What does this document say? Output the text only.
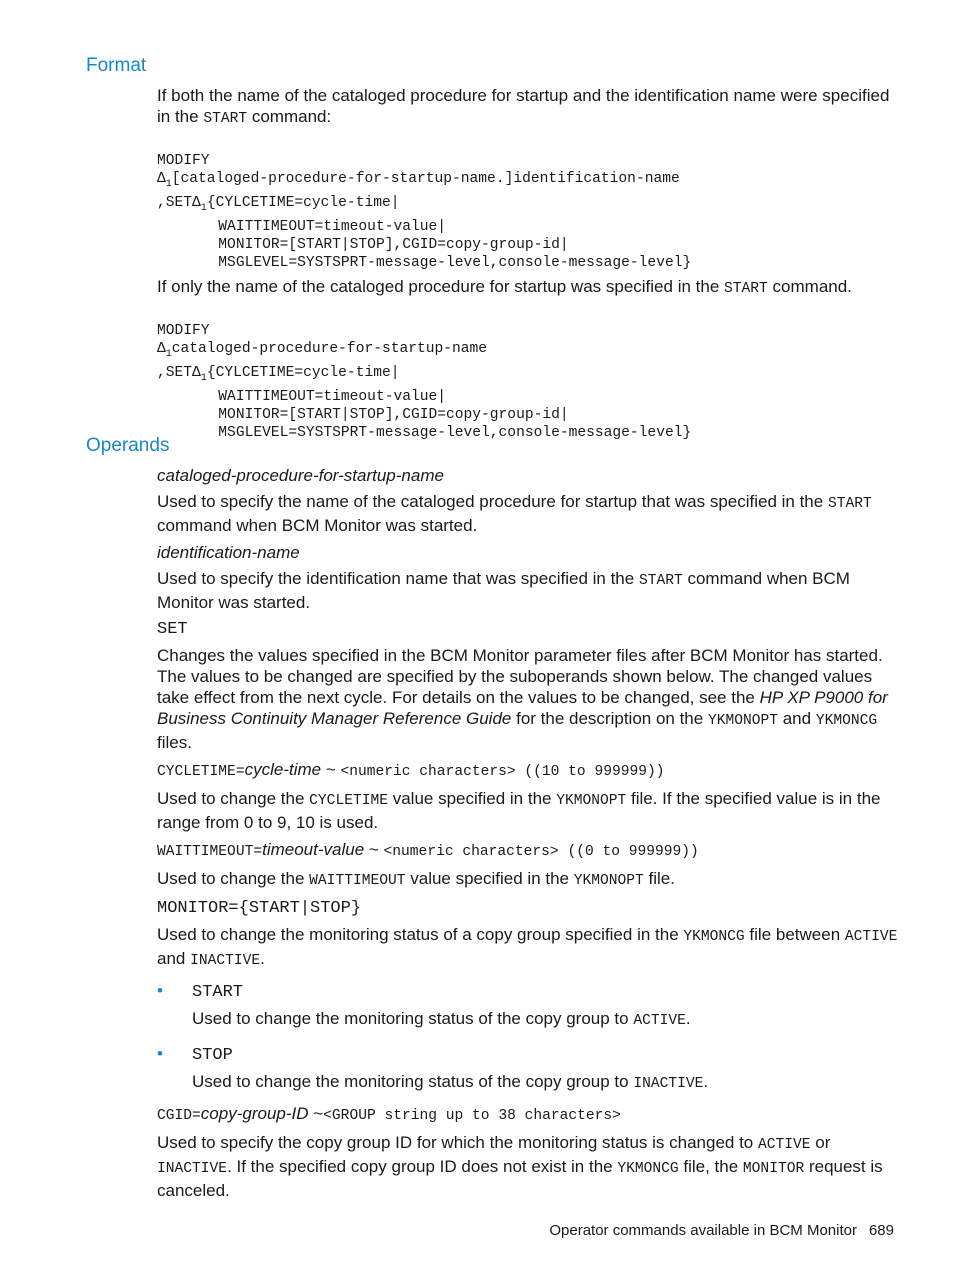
Format

If both the name of the cataloged procedure for startup and the identification name were specified in the START command:

MODIFY
$\Delta_1[cataloged-procedure-for-startup-name.]identification$-name
$,SET\Delta_1\{CYLCETIME=cycle-time|$
WAITTIMEOUT=timeout-value|
MONITOR=[START|STOP],CGID=copy-group-id|
MSGLEVEL=SYSTSPRT-message-level,console-message-level}

If only the name of the cataloged procedure for startup was specified in the START command.

MODIFY
$\Delta_1cataloged-procedure-for-startup$-name
$,SET\Delta_1\{CYLCETIME=cycle-time|$
WAITTIMEOUT=timeout-value|
MONITOR=[START|STOP],CGID=copy-group-id|
MSGLEVEL=SYSTSPRT-message-level,console-message-level}
Operands

cataloged-procedure-for-startup-name

Used to specify the name of the cataloged procedure for startup that was specified in the START command when BCM Monitor was started.

identification-name

Used to specify the identification name that was specified in the START command when BCM Monitor was started.

SET

Changes the values specified in the BCM Monitor parameter files after BCM Monitor has started. The values to be changed are specified by the suboperands shown below. The changed values take effect from the next cycle. For details on the values to be changed, see the HP XP P9000 for Business Continuity Manager Reference Guide for the description on the YKMONOPT and YKMONCG files.

CYCLETIME=cycle-time ~ <numeric characters> ((10 to 999999))

Used to change the CYCLETIME value specified in the YKMONOPT file. If the specified value is in the range from 0 to 9, 10 is used.

WAITTIMEOUT=timeout-value ~ <numeric characters> ((0 to 999999))

Used to change the WAITTIMEOUT value specified in the YKMONOPT file.

MONITOR={START|STOP}

Used to change the monitoring status of a copy group specified in the YKMONCG file between ACTIVE and INACTIVE.

• START

Used to change the monitoring status of the copy group to ACTIVE.

• STOP

Used to change the monitoring status of the copy group to INACTIVE.

CGID=copy-group-ID ~<GROUP string up to 38 characters>

Used to specify the copy group ID for which the monitoring status is changed to ACTIVE or INACTIVE. If the specified copy group ID does not exist in the YKMONCG file, the MONITOR request is canceled.

Operator commands available in BCM Monitor 689
